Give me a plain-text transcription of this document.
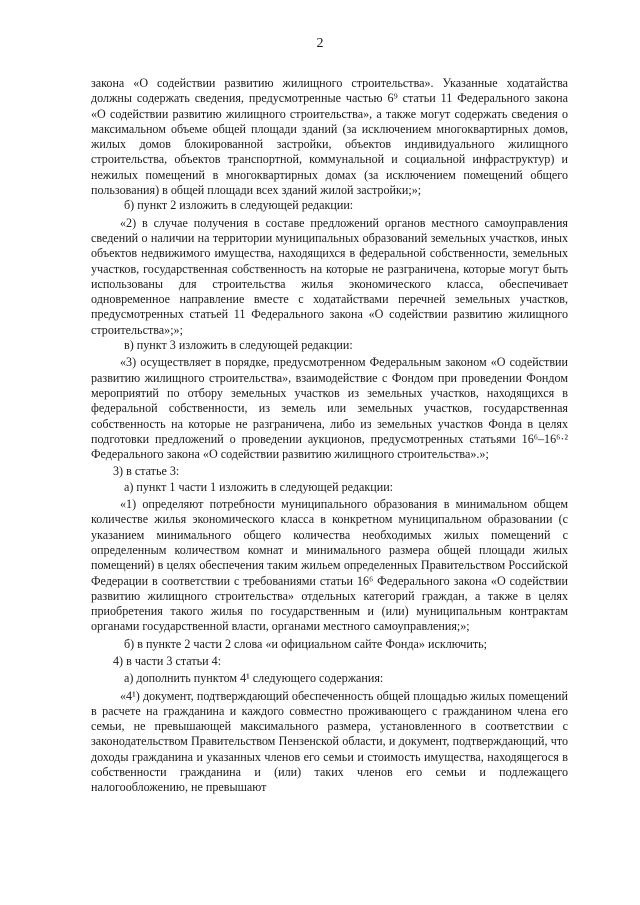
2

закона «О содействии развитию жилищного строительства». Указанные ходатайства должны содержать сведения, предусмотренные частью 6⁹ статьи 11 Федерального закона «О содействии развитию жилищного строительства», а также могут содержать сведения о максимальном объеме общей площади зданий (за исключением многоквартирных домов, жилых домов блокированной застройки, объектов индивидуального жилищного строительства, объектов транспортной, коммунальной и социальной инфраструктур) и нежилых помещений в многоквартирных домах (за исключением помещений общего пользования) в общей площади всех зданий жилой застройки;»;

б) пункт 2 изложить в следующей редакции:

«2) в случае получения в составе предложений органов местного самоуправления сведений о наличии на территории муниципальных образований земельных участков, иных объектов недвижимого имущества, находящихся в федеральной собственности, земельных участков, государственная собственность на которые не разграничена, которые могут быть использованы для строительства жилья экономического класса, обеспечивает одновременное направление вместе с ходатайствами перечней земельных участков, предусмотренных статьей 11 Федерального закона «О содействии развитию жилищного строительства»;»;

в) пункт 3 изложить в следующей редакции:

«3) осуществляет в порядке, предусмотренном Федеральным законом «О содействии развитию жилищного строительства», взаимодействие с Фондом при проведении Фондом мероприятий по отбору земельных участков из земельных участков, находящихся в федеральной собственности, из земель или земельных участков, государственная собственность на которые не разграничена, либо из земельных участков Фонда в целях подготовки предложений о проведении аукционов, предусмотренных статьями 16⁶–16⁶·² Федерального закона «О содействии развитию жилищного строительства».»;

3) в статье 3:

а) пункт 1 части 1 изложить в следующей редакции:

«1) определяют потребности муниципального образования в минимальном общем количестве жилья экономического класса в конкретном муниципальном образовании (с указанием минимального общего количества необходимых жилых помещений с определенным количеством комнат и минимального размера общей площади жилых помещений) в целях обеспечения таким жильем определенных Правительством Российской Федерации в соответствии с требованиями статьи 16⁶ Федерального закона «О содействии развитию жилищного строительства» отдельных категорий граждан, а также в целях приобретения такого жилья по государственным и (или) муниципальным контрактам органами государственной власти, органами местного самоуправления;»;

б) в пункте 2 части 2 слова «и официальном сайте Фонда» исключить;

4) в части 3 статьи 4:

а) дополнить пунктом 4¹ следующего содержания:

«4¹) документ, подтверждающий обеспеченность общей площадью жилых помещений в расчете на гражданина и каждого совместно проживающего с гражданином члена его семьи, не превышающей максимального размера, установленного в соответствии с законодательством Правительством Пензенской области, и документ, подтверждающий, что доходы гражданина и указанных членов его семьи и стоимость имущества, находящегося в собственности гражданина и (или) таких членов его семьи и подлежащего налогообложению, не превышают
